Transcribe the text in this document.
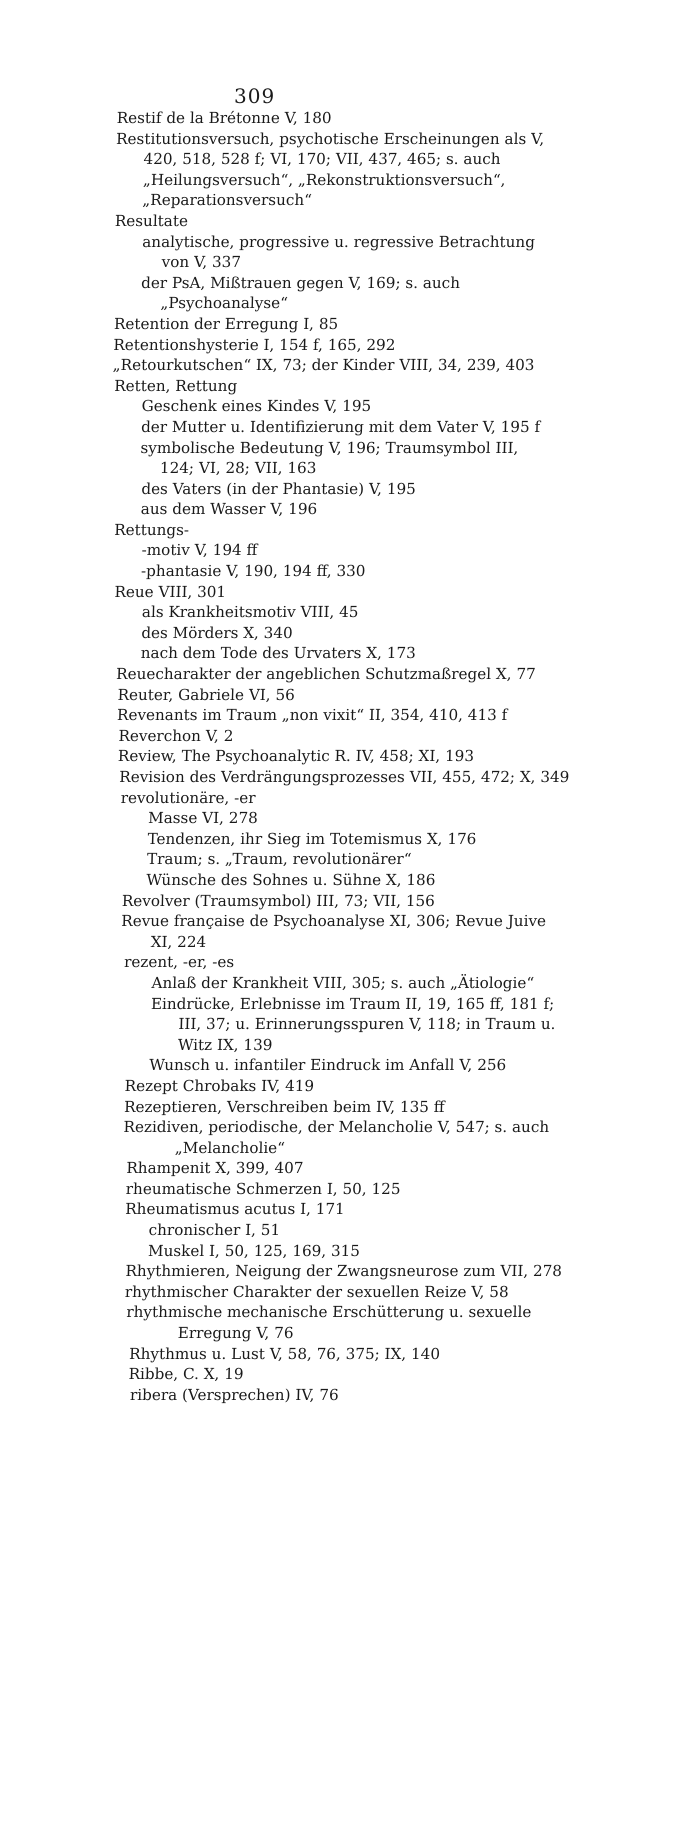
309

Restif de la Brétonne V, 180

Restitutionsversuch, psychotische Erscheinungen als V, 420, 518, 528 f; VI, 170; VII, 437, 465; s. auch „Heilungsversuch“, „Rekonstruktionsversuch“, „Reparationsversuch“

Resultate

analytische, progressive u. regressive Betrachtung von V, 337

der PsA, Mißtrauen gegen V, 169; s. auch „Psychoanalyse“

Retention der Erregung I, 85

Retentionshysterie I, 154 f, 165, 292

„Retourkutschen“ IX, 73; der Kinder VIII, 34, 239, 403

Retten, Rettung

Geschenk eines Kindes V, 195

der Mutter u. Identifizierung mit dem Vater V, 195 f

symbolische Bedeutung V, 196; Traumsymbol III, 124; VI, 28; VII, 163

des Vaters (in der Phantasie) V, 195

aus dem Wasser V, 196

Rettungs-

-motiv V, 194 ff

-phantasie V, 190, 194 ff, 330

Reue VIII, 301

als Krankheitsmotiv VIII, 45

des Mörders X, 340

nach dem Tode des Urvaters X, 173

Reuecharakter der angeblichen Schutzmaßregel X, 77

Reuter, Gabriele VI, 56

Revenants im Traum „non vixit“ II, 354, 410, 413 f

Reverchon V, 2

Review, The Psychoanalytic R. IV, 458; XI, 193

Revision des Verdrängungsprozesses VII, 455, 472; X, 349

revolutionäre, -er

Masse VI, 278

Tendenzen, ihr Sieg im Totemismus X, 176

Traum; s. „Traum, revolutionärer“

Wünsche des Sohnes u. Sühne X, 186

Revolver (Traumsymbol) III, 73; VII, 156

Revue française de Psychoanalyse XI, 306; Revue Juive XI, 224

rezent, -er, -es

Anlaß der Krankheit VIII, 305; s. auch „Ätiologie“

Eindrücke, Erlebnisse im Traum II, 19, 165 ff, 181 f; III, 37; u. Erinnerungsspuren V, 118; in Traum u. Witz IX, 139

Wunsch u. infantiler Eindruck im Anfall V, 256

Rezept Chrobaks IV, 419

Rezeptieren, Verschreiben beim IV, 135 ff

Rezidiven, periodische, der Melancholie V, 547; s. auch „Melancholie“

Rhampenit X, 399, 407

rheumatische Schmerzen I, 50, 125

Rheumatismus acutus I, 171

chronischer I, 51

Muskel I, 50, 125, 169, 315

Rhythmieren, Neigung der Zwangsneurose zum VII, 278

rhythmischer Charakter der sexuellen Reize V, 58

rhythmische mechanische Erschütterung u. sexuelle Erregung V, 76

Rhythmus u. Lust V, 58, 76, 375; IX, 140

Ribbe, C. X, 19

ribera (Versprechen) IV, 76
